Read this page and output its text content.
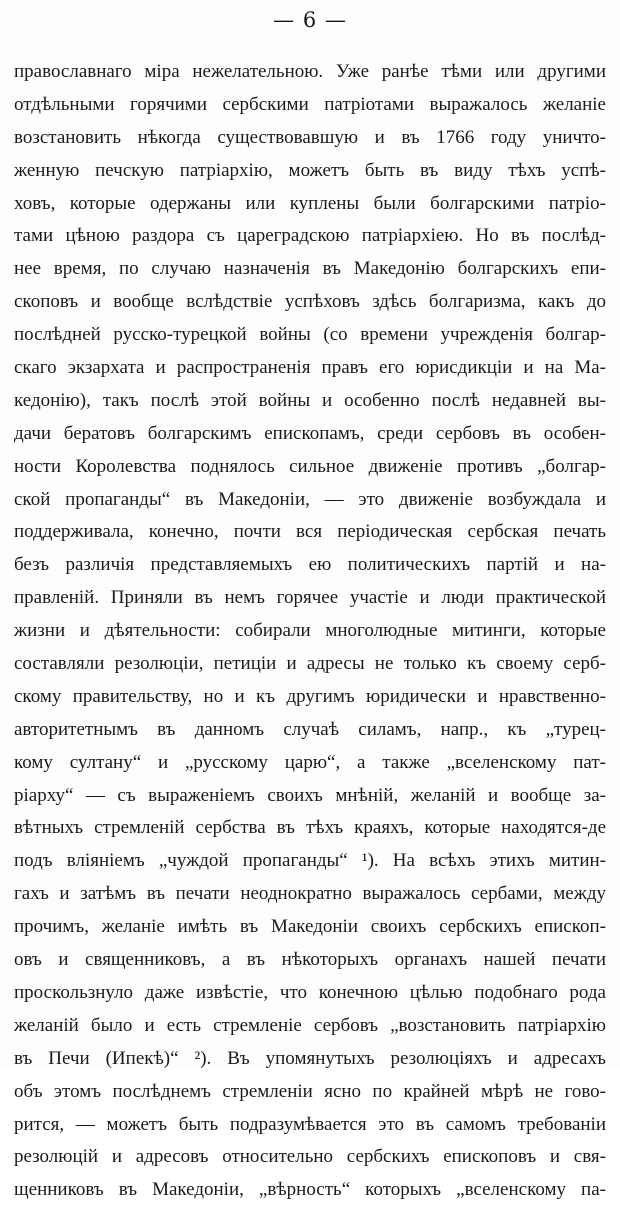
— 6 —
православнаго міра нежелательною. Уже ранѣе тѣми или другими
отдѣльными горячими сербскими патріотами выражалось желаніе
возстановить нѣкогда существовавшую и въ 1766 году уничто-
женную печскую патріархію, можетъ быть въ виду тѣхъ успѣ-
ховъ, которые одержаны или куплены были болгарскими патріо-
тами цѣною раздора съ цареградскою патріархіею. Но въ послѣд-
нее время, по случаю назначенія въ Македонію болгарскихъ епи-
скоповъ и вообще вслѣдствіе успѣховъ здѣсь болгаризма, какъ до
послѣдней русско-турецкой войны (со времени учрежденія болгар-
скаго экзархата и распространенія правъ его юрисдикціи и на Ма-
кедонію), такъ послѣ этой войны и особенно послѣ недавней вы-
дачи бератовъ болгарскимъ епископамъ, среди сербовъ въ особен-
ности Королевства поднялось сильное движеніе противъ „болгар-
ской пропаганды“ въ Македоніи, — это движеніе возбуждала и
поддерживала, конечно, почти вся періодическая сербская печать
безъ различія представляемыхъ ею политическихъ партій и на-
правленій. Приняли въ немъ горячее участіе и люди практической
жизни и дѣятельности: собирали многолюдные митинги, которые
составляли резолюціи, петиціи и адресы не только къ своему серб-
скому правительству, но и къ другимъ юридически и нравственно-
авторитетнымъ въ данномъ случаѣ силамъ, напр., къ „турец-
кому султану“ и „русскому царю“, а также „вселенскому пат-
ріарху“ — съ выраженіемъ своихъ мнѣній, желаній и вообще за-
вѣтныхъ стремленій сербства въ тѣхъ краяхъ, которые находятся-де
подъ вліяніемъ „чуждой пропаганды“ ¹). На всѣхъ этихъ митин-
гахъ и затѣмъ въ печати неоднократно выражалось сербами, между
прочимъ, желаніе имѣть въ Македоніи своихъ сербскихъ епископ-
овъ и священниковъ, а въ нѣкоторыхъ органахъ нашей печати
проскользнуло даже извѣстіе, что конечною цѣлью подобнаго рода
желаній было и есть стремленіе сербовъ „возстановить патріархію
въ Печи (Ипекѣ)“ ²). Въ упомянутыхъ резолюціяхъ и адресахъ
объ этомъ послѣднемъ стремленіи ясно по крайней мѣрѣ не гово-
рится, — можетъ быть подразумѣвается это въ самомъ требованіи
резолюцій и адресовъ относительно сербскихъ епископовъ и свя-
щенниковъ въ Македоніи, „вѣрность“ которыхъ „вселенскому па-
